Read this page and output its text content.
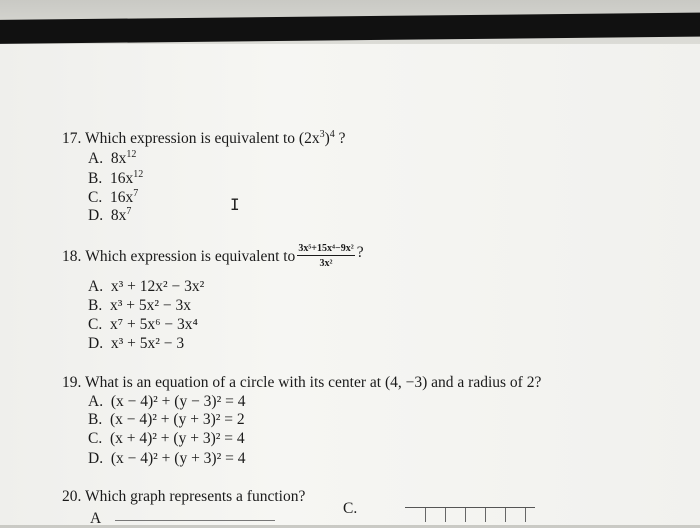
17. Which expression is equivalent to $(2x^3)^4$ ?
A. $8x^{12}$
B. $16x^{12}$
C. $16x^7$
D. $8x^7$	I
18.
Which expression is equivalent to $\frac{\text{3x⁵+15x⁴−9x²}}{\text{3x²}}$ ?
A. x³ + 12x² − 3x²
B. x³ + 5x² − 3x
C. x⁷ + 5x⁶ − 3x⁴
D. x³ + 5x² − 3
19. What is an equation of a circle with its center at (4, −3) and a radius of 2?
A. (x − 4)² + (y − 3)² = 4
B. (x − 4)² + (y + 3)² = 2
C. (x + 4)² + (y + 3)² = 4
D. (x − 4)² + (y + 3)² = 4
20. Which graph represents a function?
A
C.
